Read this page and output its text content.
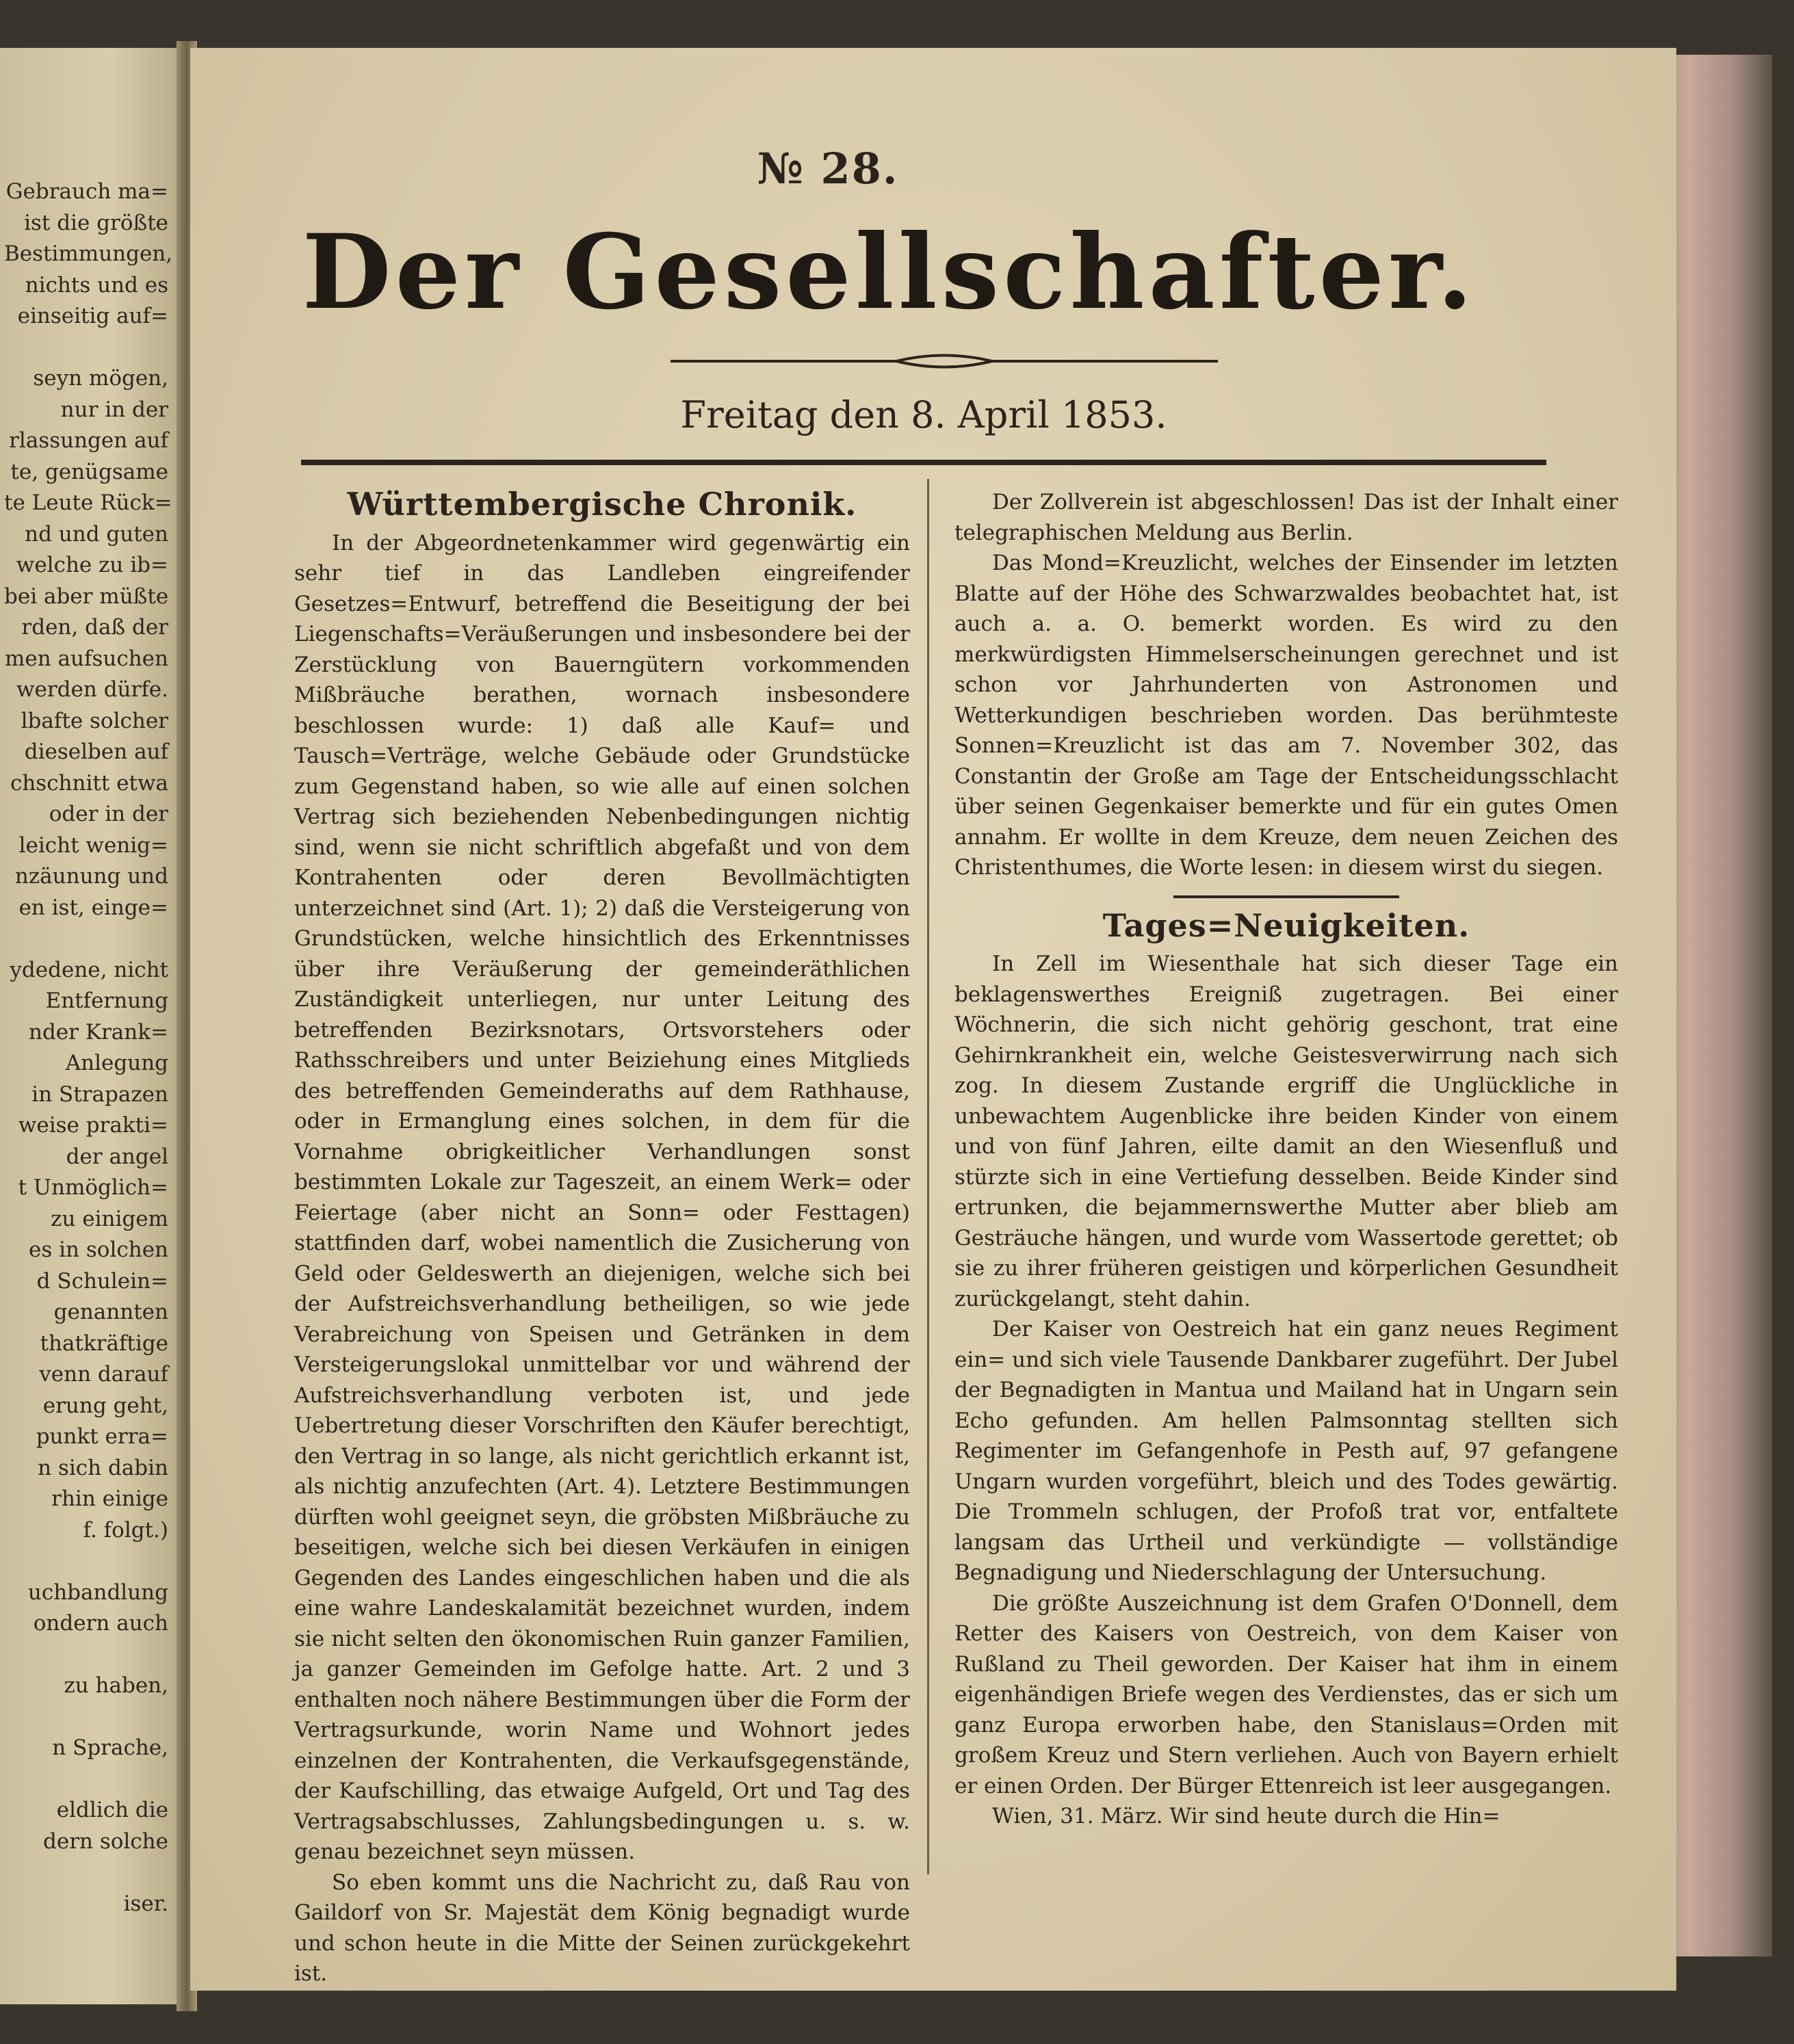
Gebrauch ma=
ist die größte
Bestimmungen,
nichts und es
einseitig auf=
seyn mögen,
nur in der
rlassungen auf
te, genügsame
te Leute Rück=
nd und guten
welche zu ib=
bei aber müßte
rden, daß der
men aufsuchen
werden dürfe.
lbafte solcher
dieselben auf
chschnitt etwa
oder in der
leicht wenig=
nzäunung und
en ist, einge=
ydedene, nicht
Entfernung
nder Krank=
Anlegung
in Strapazen
weise prakti=
der angel
t Unmöglich=
zu einigem
es in solchen
d Schulein=
genannten
thatkräftige
venn darauf
erung geht,
punkt erra=
n sich dabin
rhin einige
f. folgt.)
uchbandlung
ondern auch
zu haben,
n Sprache,
eldlich die
dern solche
iser.
№ 28.
Der Gesellschafter.
Freitag den 8. April 1853.
Württembergische Chronik.

In der Abgeordnetenkammer wird gegenwärtig ein sehr tief in das Landleben eingreifender Gesetzes=Entwurf, betreffend die Beseitigung der bei Liegenschafts=Veräußerungen und insbesondere bei der Zerstücklung von Bauerngütern vorkommenden Mißbräuche berathen, wornach insbesondere beschlossen wurde: 1) daß alle Kauf= und Tausch=Verträge, welche Gebäude oder Grundstücke zum Gegenstand haben, so wie alle auf einen solchen Vertrag sich beziehenden Nebenbedingungen nichtig sind, wenn sie nicht schriftlich abgefaßt und von dem Kontrahenten oder deren Bevollmächtigten unterzeichnet sind (Art. 1); 2) daß die Versteigerung von Grundstücken, welche hinsichtlich des Erkenntnisses über ihre Veräußerung der gemeinderäthlichen Zuständigkeit unterliegen, nur unter Leitung des betreffenden Bezirksnotars, Ortsvorstehers oder Rathsschreibers und unter Beiziehung eines Mitglieds des betreffenden Gemeinderaths auf dem Rathhause, oder in Ermanglung eines solchen, in dem für die Vornahme obrigkeitlicher Verhandlungen sonst bestimmten Lokale zur Tageszeit, an einem Werk= oder Feiertage (aber nicht an Sonn= oder Festtagen) stattfinden darf, wobei namentlich die Zusicherung von Geld oder Geldeswerth an diejenigen, welche sich bei der Aufstreichsverhandlung betheiligen, so wie jede Verabreichung von Speisen und Getränken in dem Versteigerungslokal unmittelbar vor und während der Aufstreichsverhandlung verboten ist, und jede Uebertretung dieser Vorschriften den Käufer berechtigt, den Vertrag in so lange, als nicht gerichtlich erkannt ist, als nichtig anzufechten (Art. 4). Letztere Bestimmungen dürften wohl geeignet seyn, die gröbsten Mißbräuche zu beseitigen, welche sich bei diesen Verkäufen in einigen Gegenden des Landes eingeschlichen haben und die als eine wahre Landeskalamität bezeichnet wurden, indem sie nicht selten den ökonomischen Ruin ganzer Familien, ja ganzer Gemeinden im Gefolge hatte. Art. 2 und 3 enthalten noch nähere Bestimmungen über die Form der Vertragsurkunde, worin Name und Wohnort jedes einzelnen der Kontrahenten, die Verkaufsgegenstände, der Kaufschilling, das etwaige Aufgeld, Ort und Tag des Vertragsabschlusses, Zahlungsbedingungen u. s. w. genau bezeichnet seyn müssen.

So eben kommt uns die Nachricht zu, daß Rau von Gaildorf von Sr. Majestät dem König begnadigt wurde und schon heute in die Mitte der Seinen zurückgekehrt ist.

Der Zollverein ist abgeschlossen! Das ist der Inhalt einer telegraphischen Meldung aus Berlin.

Das Mond=Kreuzlicht, welches der Einsender im letzten Blatte auf der Höhe des Schwarzwaldes beobachtet hat, ist auch a. a. O. bemerkt worden. Es wird zu den merkwürdigsten Himmelserscheinungen gerechnet und ist schon vor Jahrhunderten von Astronomen und Wetterkundigen beschrieben worden. Das berühmteste Sonnen=Kreuzlicht ist das am 7. November 302, das Constantin der Große am Tage der Entscheidungsschlacht über seinen Gegenkaiser bemerkte und für ein gutes Omen annahm. Er wollte in dem Kreuze, dem neuen Zeichen des Christenthumes, die Worte lesen: in diesem wirst du siegen.

Tages=Neuigkeiten.

In Zell im Wiesenthale hat sich dieser Tage ein beklagenswerthes Ereigniß zugetragen. Bei einer Wöchnerin, die sich nicht gehörig geschont, trat eine Gehirnkrankheit ein, welche Geistesverwirrung nach sich zog. In diesem Zustande ergriff die Unglückliche in unbewachtem Augenblicke ihre beiden Kinder von einem und von fünf Jahren, eilte damit an den Wiesenfluß und stürzte sich in eine Vertiefung desselben. Beide Kinder sind ertrunken, die bejammernswerthe Mutter aber blieb am Gesträuche hängen, und wurde vom Wassertode gerettet; ob sie zu ihrer früheren geistigen und körperlichen Gesundheit zurückgelangt, steht dahin.

Der Kaiser von Oestreich hat ein ganz neues Regiment ein= und sich viele Tausende Dankbarer zugeführt. Der Jubel der Begnadigten in Mantua und Mailand hat in Ungarn sein Echo gefunden. Am hellen Palmsonntag stellten sich Regimenter im Gefangenhofe in Pesth auf, 97 gefangene Ungarn wurden vorgeführt, bleich und des Todes gewärtig. Die Trommeln schlugen, der Profoß trat vor, entfaltete langsam das Urtheil und verkündigte — vollständige Begnadigung und Niederschlagung der Untersuchung.

Die größte Auszeichnung ist dem Grafen O'Donnell, dem Retter des Kaisers von Oestreich, von dem Kaiser von Rußland zu Theil geworden. Der Kaiser hat ihm in einem eigenhändigen Briefe wegen des Verdienstes, das er sich um ganz Europa erworben habe, den Stanislaus=Orden mit großem Kreuz und Stern verliehen. Auch von Bayern erhielt er einen Orden. Der Bürger Ettenreich ist leer ausgegangen.

Wien, 31. März. Wir sind heute durch die Hin=
